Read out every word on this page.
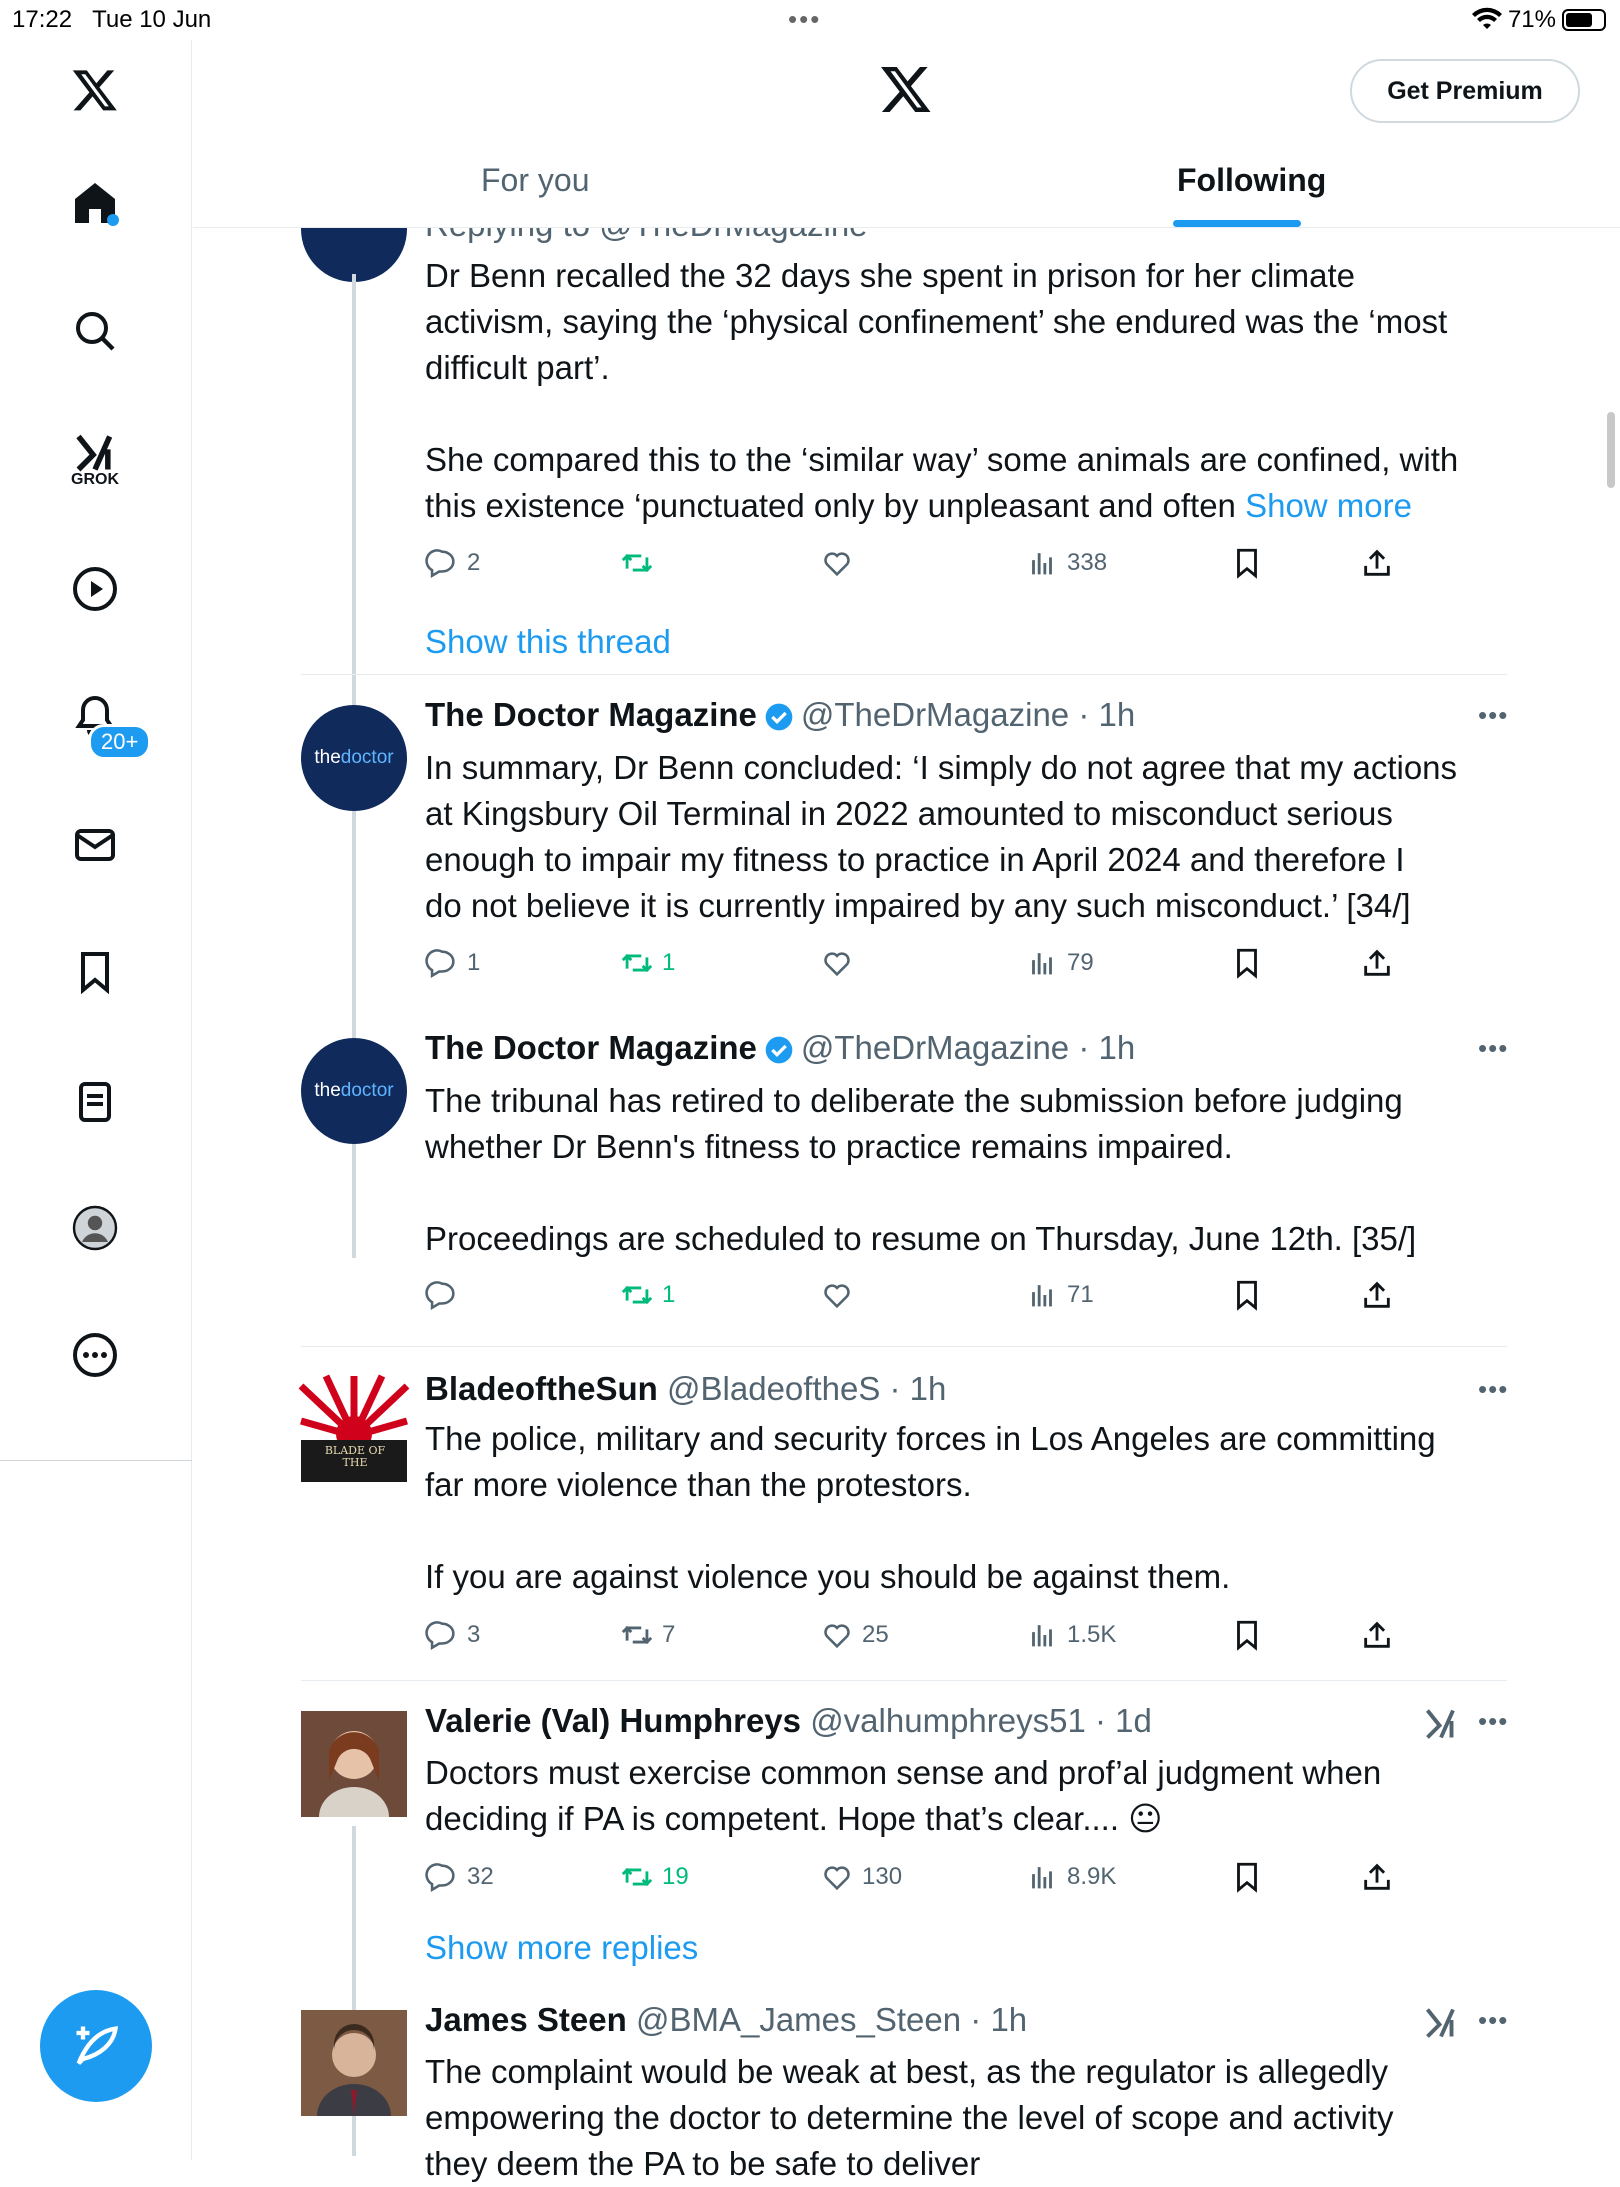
17:22 Tue 10 Jun	•••	71%
GROK
20+
Get Premium
For you	Following
Dr Benn recalled the 32 days she spent in prison for her climate
activism, saying the ‘physical confinement’ she endured was the ‘most
difficult part’.

She compared this to the ‘similar way’ some animals are confined, with
this existence ‘punctuated only by unpleasant and often Show more
2	338
Show this thread
the doctor
The Doctor Magazine @TheDrMagazine · 1h	•••
In summary, Dr Benn concluded: ‘I simply do not agree that my actions
at Kingsbury Oil Terminal in 2022 amounted to misconduct serious
enough to impair my fitness to practice in April 2024 and therefore I
do not believe it is currently impaired by any such misconduct.’ [34/]
1	1	79
the doctor
The Doctor Magazine @TheDrMagazine · 1h	•••
The tribunal has retired to deliberate the submission before judging
whether Dr Benn's fitness to practice remains impaired.

Proceedings are scheduled to resume on Thursday, June 12th. [35/]
1	71
BLADE OF THE
BladeoftheSun @BladeoftheS · 1h	•••
The police, military and security forces in Los Angeles are committing
far more violence than the protestors.

If you are against violence you should be against them.
3	7	25	1.5K
Valerie (Val) Humphreys @valhumphreys51 · 1d	•••
Doctors must exercise common sense and prof’al judgment when
deciding if PA is competent. Hope that’s clear.... 😐
32	19	130	8.9K
Show more replies
James Steen @BMA_James_Steen · 1h	•••
The complaint would be weak at best, as the regulator is allegedly
empowering the doctor to determine the level of scope and activity
they deem the PA to be safe to deliver
